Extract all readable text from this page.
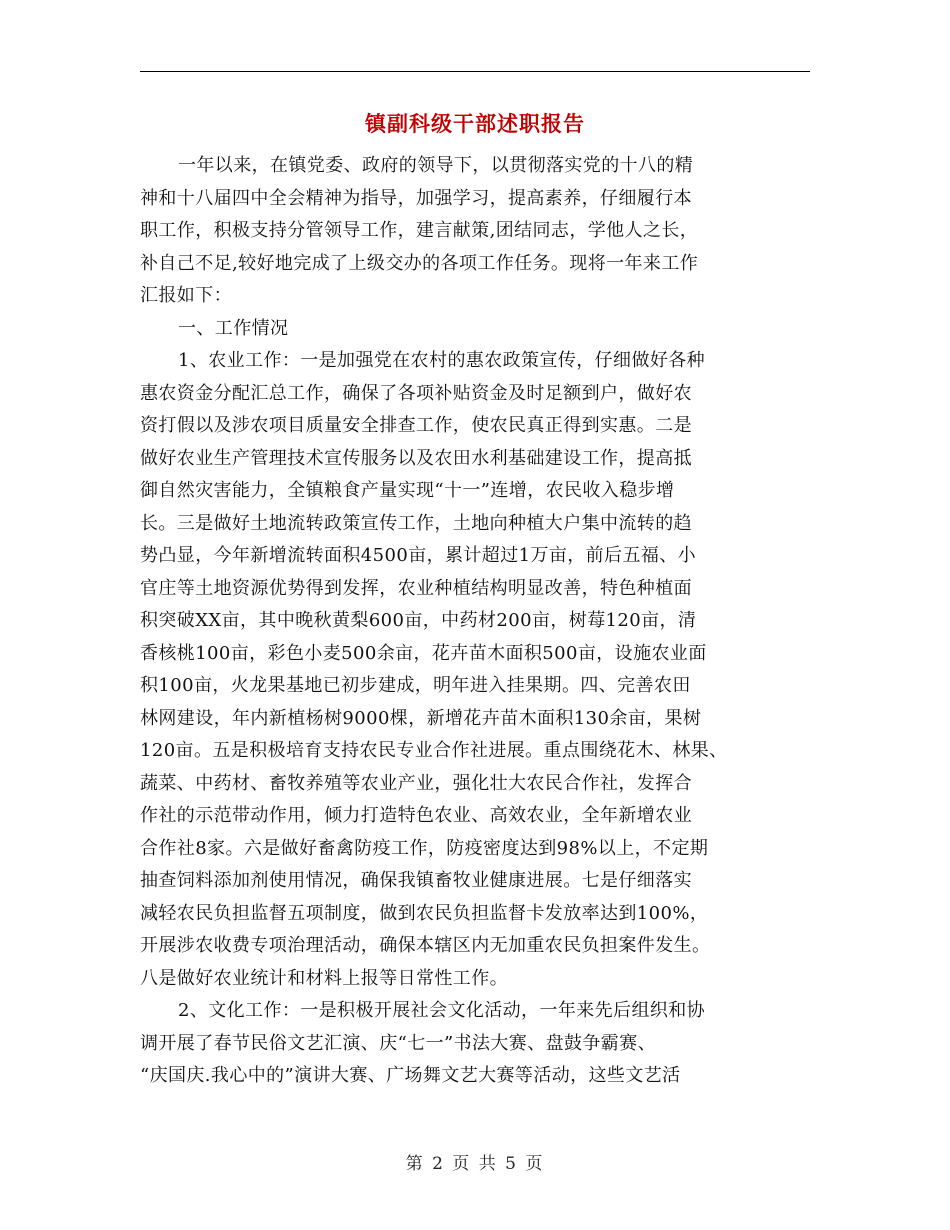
镇副科级干部述职报告
一年以来，在镇党委、政府的领导下，以贯彻落实党的十八的精
神和十八届四中全会精神为指导，加强学习，提高素养，仔细履行本
职工作，积极支持分管领导工作，建言献策,团结同志，学他人之长，
补自己不足,较好地完成了上级交办的各项工作任务。现将一年来工作
汇报如下：
一、工作情况
1、农业工作：一是加强党在农村的惠农政策宣传，仔细做好各种
惠农资金分配汇总工作，确保了各项补贴资金及时足额到户，做好农
资打假以及涉农项目质量安全排查工作，使农民真正得到实惠。二是
做好农业生产管理技术宣传服务以及农田水利基础建设工作，提高抵
御自然灾害能力，全镇粮食产量实现“十一”连增，农民收入稳步增
长。三是做好土地流转政策宣传工作，土地向种植大户集中流转的趋
势凸显，今年新增流转面积4500亩，累计超过1万亩，前后五福、小
官庄等土地资源优势得到发挥，农业种植结构明显改善，特色种植面
积突破XX亩，其中晚秋黄梨600亩，中药材200亩，树莓120亩，清
香核桃100亩，彩色小麦500余亩，花卉苗木面积500亩，设施农业面
积100亩，火龙果基地已初步建成，明年进入挂果期。四、完善农田
林网建设，年内新植杨树9000棵，新增花卉苗木面积130余亩，果树
120亩。五是积极培育支持农民专业合作社进展。重点围绕花木、林果、
蔬菜、中药材、畜牧养殖等农业产业，强化壮大农民合作社，发挥合
作社的示范带动作用，倾力打造特色农业、高效农业，全年新增农业
合作社8家。六是做好畜禽防疫工作，防疫密度达到98%以上，不定期
抽查饲料添加剂使用情况，确保我镇畜牧业健康进展。七是仔细落实
减轻农民负担监督五项制度，做到农民负担监督卡发放率达到100%，
开展涉农收费专项治理活动，确保本辖区内无加重农民负担案件发生。
八是做好农业统计和材料上报等日常性工作。
2、文化工作：一是积极开展社会文化活动，一年来先后组织和协
调开展了春节民俗文艺汇演、庆“七一”书法大赛、盘鼓争霸赛、
“庆国庆.我心中的”演讲大赛、广场舞文艺大赛等活动，这些文艺活
第 2 页 共 5 页
